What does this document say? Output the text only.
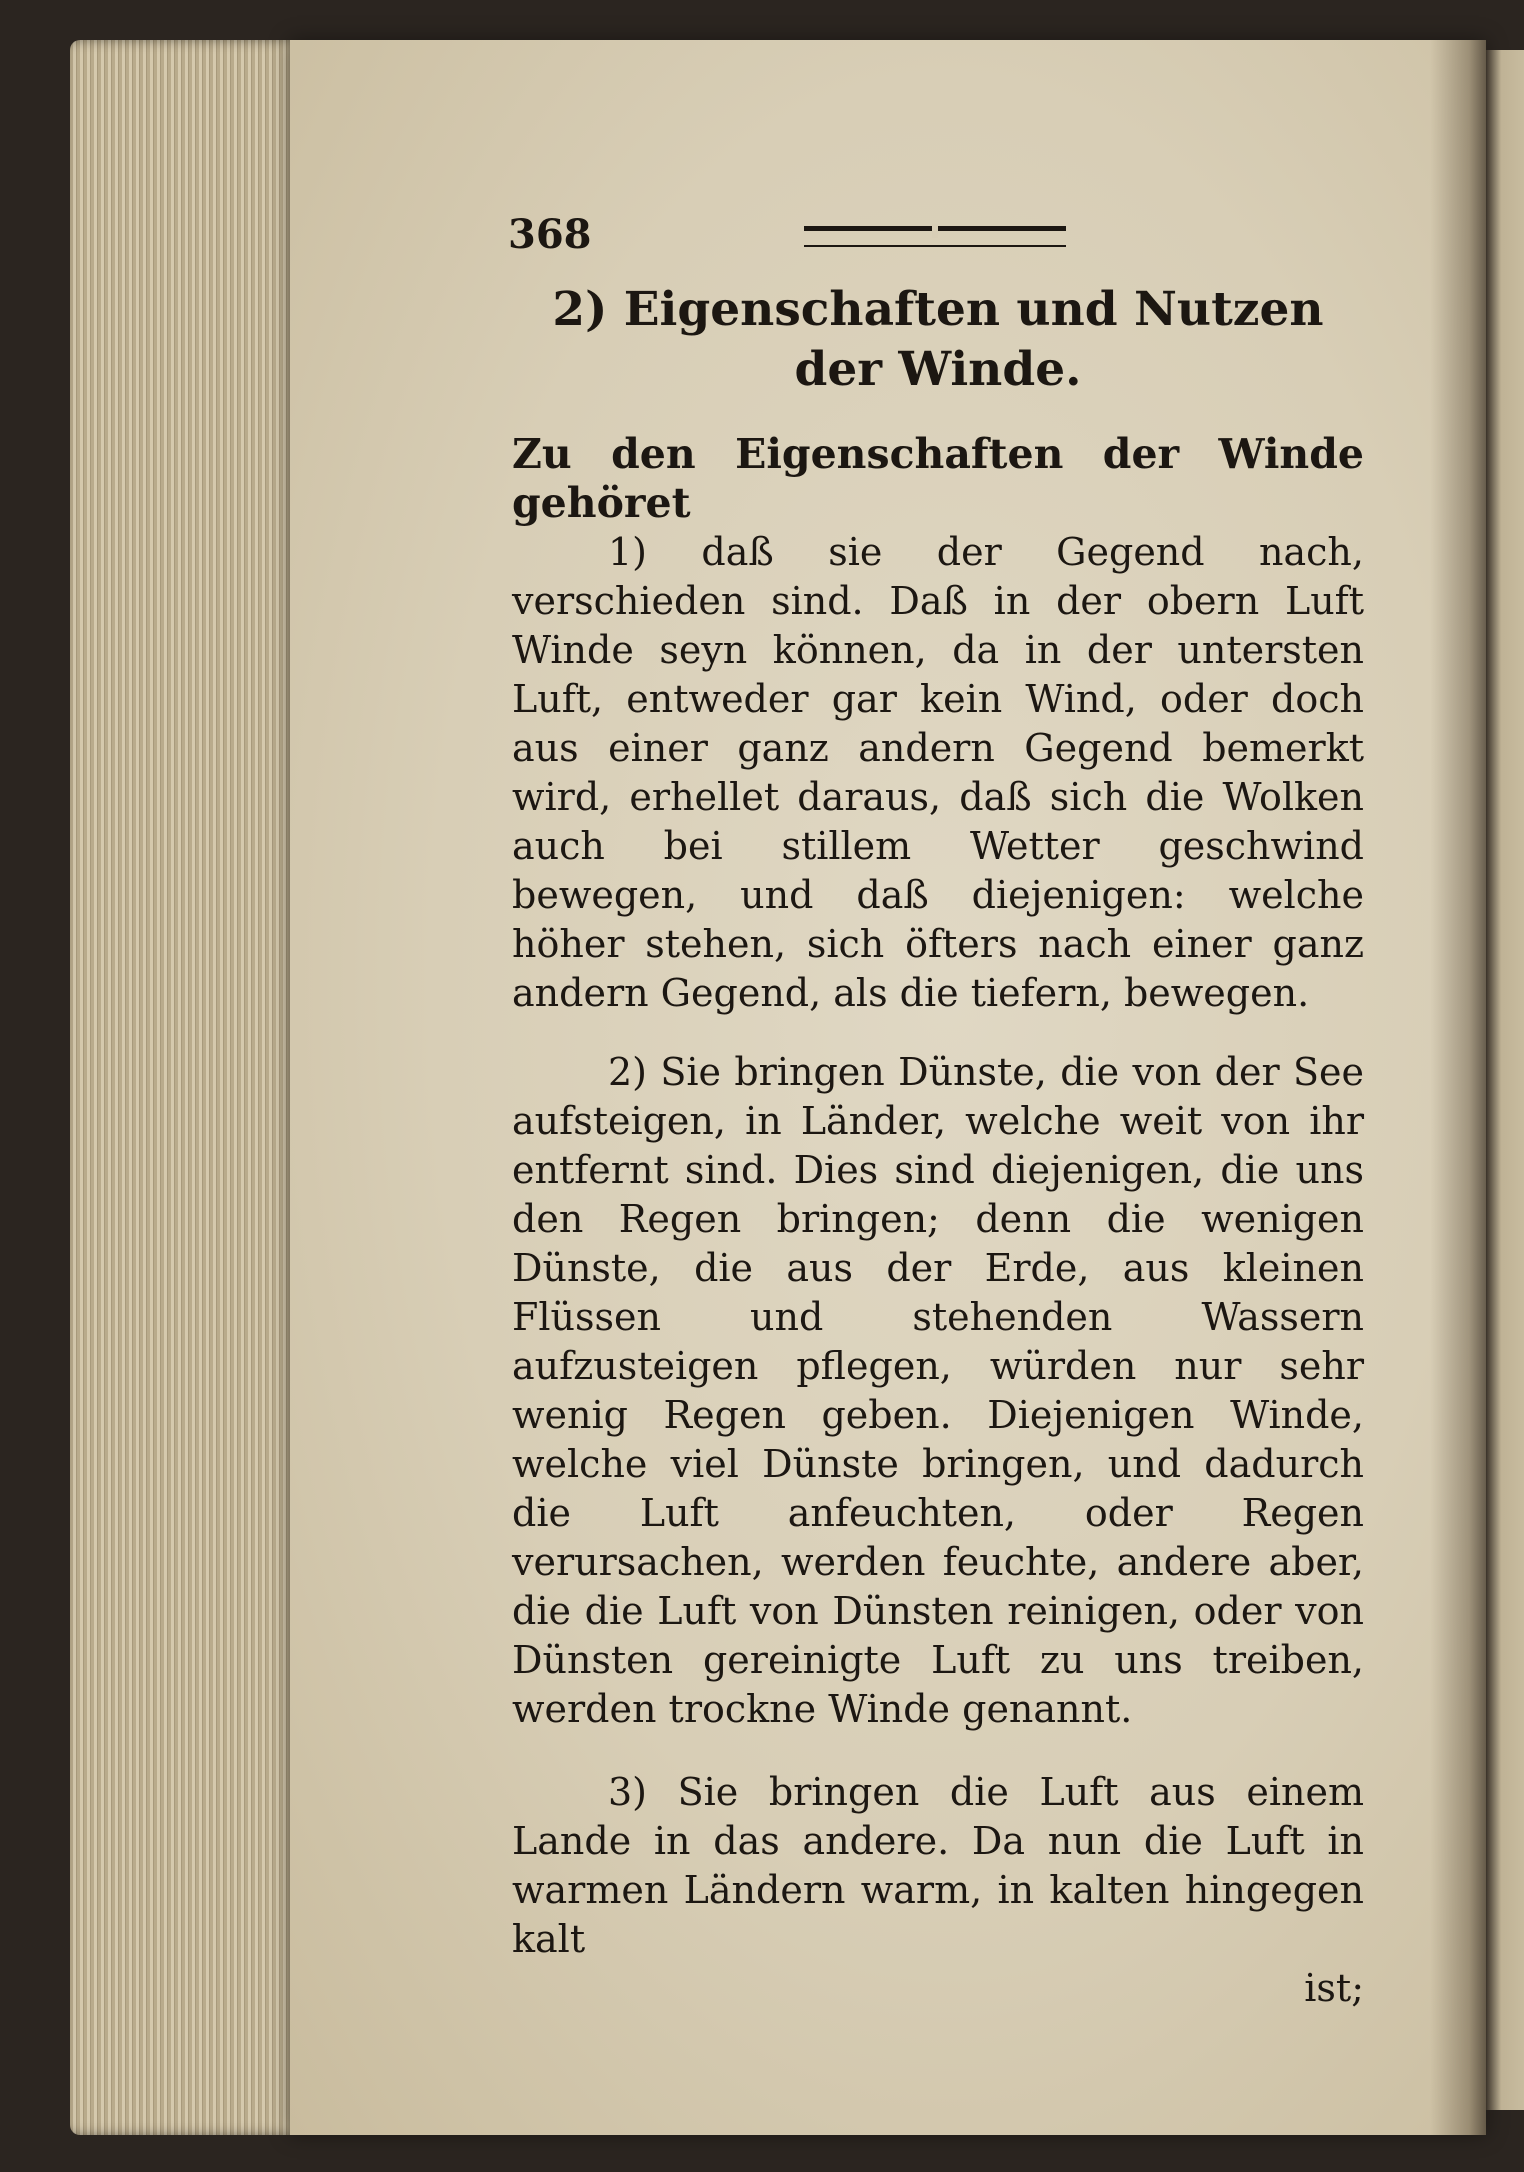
368
2) Eigenschaften und Nutzen
der Winde.

Zu den Eigenschaften der Winde gehöret

1) daß sie der Gegend nach, verschieden sind. Daß in der obern Luft Winde seyn können, da in der untersten Luft, entweder gar kein Wind, oder doch aus einer ganz andern Gegend bemerkt wird, erhellet daraus, daß sich die Wolken auch bei stillem Wetter geschwind bewegen, und daß diejenigen: welche höher stehen, sich öfters nach einer ganz andern Gegend, als die tiefern, bewegen.

2) Sie bringen Dünste, die von der See aufsteigen, in Länder, welche weit von ihr entfernt sind. Dies sind diejenigen, die uns den Regen bringen; denn die wenigen Dünste, die aus der Erde, aus kleinen Flüssen und stehenden Wassern aufzusteigen pflegen, würden nur sehr wenig Regen geben. Diejenigen Winde, welche viel Dünste bringen, und dadurch die Luft anfeuchten, oder Regen verursachen, werden feuchte, andere aber, die die Luft von Dünsten reinigen, oder von Dünsten gereinigte Luft zu uns treiben, werden trockne Winde genannt.

3) Sie bringen die Luft aus einem Lande in das andere. Da nun die Luft in warmen Ländern warm, in kalten hingegen kalt

ist;
